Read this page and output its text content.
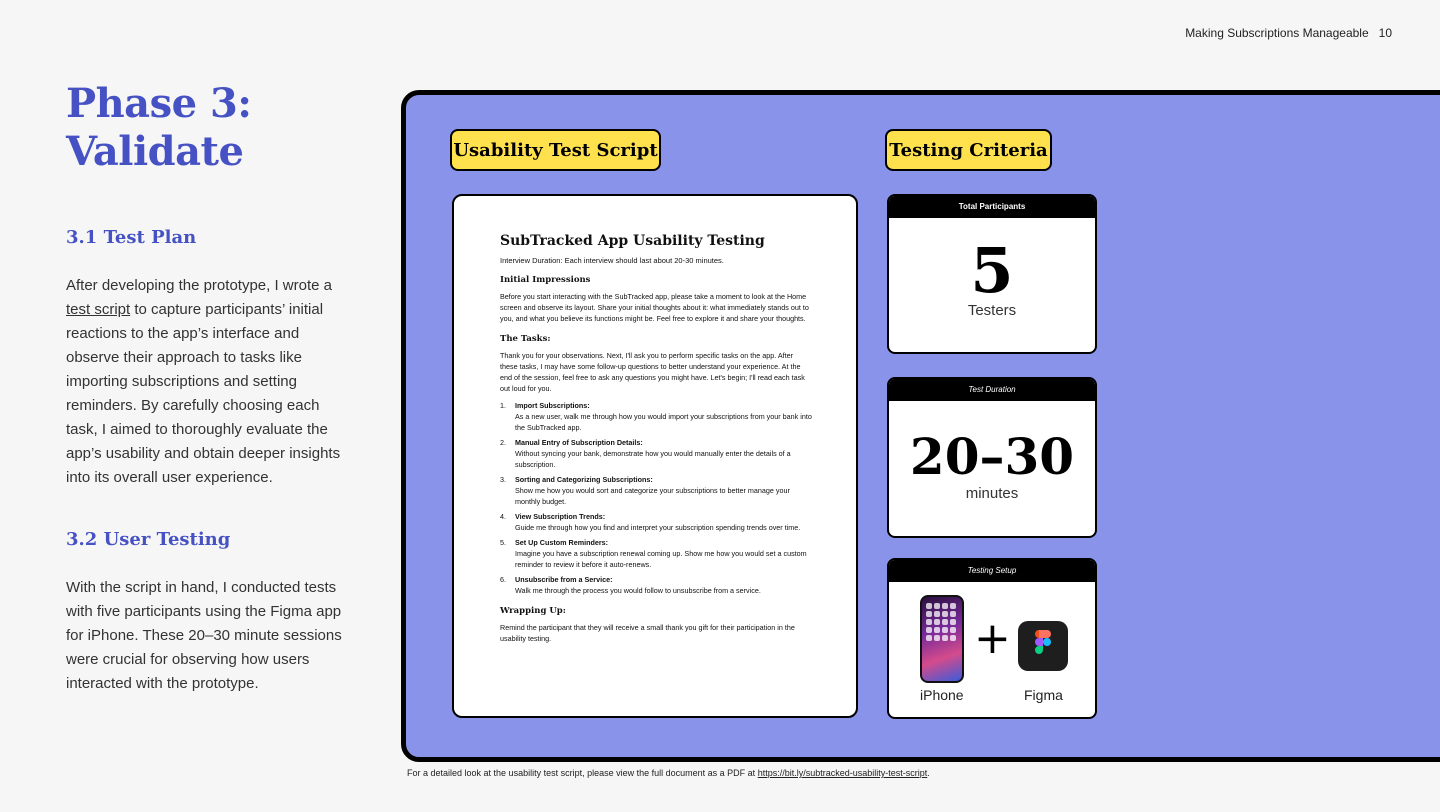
Making Subscriptions Manageable 10
Phase 3:
Validate
3.1 Test Plan
After developing the prototype, I wrote a test script to capture participants’ initial reactions to the app’s interface and observe their approach to tasks like importing subscriptions and setting reminders. By carefully choosing each task, I aimed to thoroughly evaluate the app’s usability and obtain deeper insights into its overall user experience.
3.2 User Testing
With the script in hand, I conducted tests with five participants using the Figma app for iPhone. These 20–30 minute sessions were crucial for observing how users interacted with the prototype.
Usability Test Script	Testing Criteria
SubTracked App Usability Testing
Interview Duration: Each interview should last about 20-30 minutes.
Initial Impressions
Before you start interacting with the SubTracked app, please take a moment to look at the Home screen and observe its layout. Share your initial thoughts about it: what immediately stands out to you, and what you believe its functions might be. Feel free to explore it and share your thoughts.
The Tasks:
Thank you for your observations. Next, I'll ask you to perform specific tasks on the app. After these tasks, I may have some follow-up questions to better understand your experience. At the end of the session, feel free to ask any questions you might have. Let's begin; I'll read each task out loud for you.
1.	Import Subscriptions:
As a new user, walk me through how you would import your subscriptions from your bank into the SubTracked app.
2.	Manual Entry of Subscription Details:
Without syncing your bank, demonstrate how you would manually enter the details of a subscription.
3.	Sorting and Categorizing Subscriptions:
Show me how you would sort and categorize your subscriptions to better manage your monthly budget.
4.	View Subscription Trends:
Guide me through how you find and interpret your subscription spending trends over time.
5.	Set Up Custom Reminders:
Imagine you have a subscription renewal coming up. Show me how you would set a custom reminder to review it before it auto-renews.
6.	Unsubscribe from a Service:
Walk me through the process you would follow to unsubscribe from a service.
Wrapping Up:
Remind the participant that they will receive a small thank you gift for their participation in the usability testing.
Total Participants
5
Testers
Test Duration
20–30
minutes
Testing Setup
+
iPhone	Figma
For a detailed look at the usability test script, please view the full document as a PDF at https://bit.ly/subtracked-usability-test-script.
